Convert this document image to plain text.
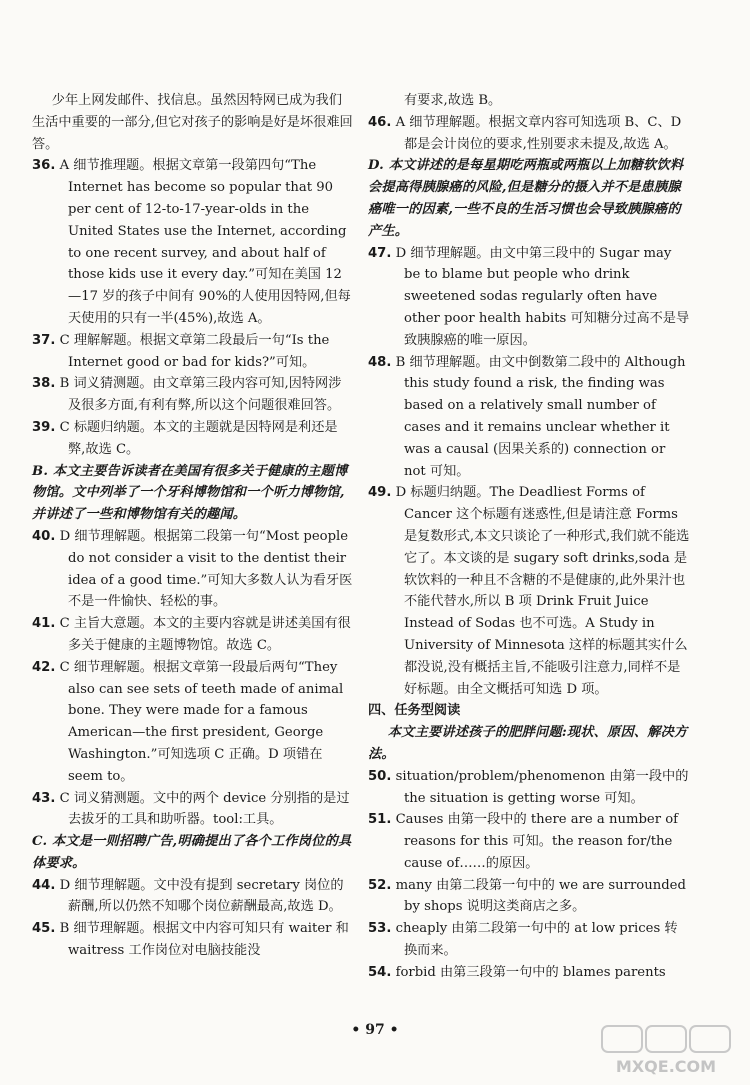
少年上网发邮件、找信息。虽然因特网已成为我们生活中重要的一部分,但它对孩子的影响是好是坏很难回答。

36. A 细节推理题。根据文章第一段第四句“The Internet has become so popular that 90 per cent of 12-to-17-year-olds in the United States use the Internet, according to one recent survey, and about half of those kids use it every day.”可知在美国 12—17 岁的孩子中间有 90%的人使用因特网,但每天使用的只有一半(45%),故选 A。

37. C 理解解题。根据文章第二段最后一句“Is the Internet good or bad for kids?”可知。

38. B 词义猜测题。由文章第三段内容可知,因特网涉及很多方面,有利有弊,所以这个问题很难回答。

39. C 标题归纳题。本文的主题就是因特网是利还是弊,故选 C。

B. 本文主要告诉读者在美国有很多关于健康的主题博物馆。文中列举了一个牙科博物馆和一个听力博物馆,并讲述了一些和博物馆有关的趣闻。

40. D 细节理解题。根据第二段第一句“Most people do not consider a visit to the dentist their idea of a good time.”可知大多数人认为看牙医不是一件愉快、轻松的事。

41. C 主旨大意题。本文的主要内容就是讲述美国有很多关于健康的主题博物馆。故选 C。

42. C 细节理解题。根据文章第一段最后两句“They also can see sets of teeth made of animal bone. They were made for a famous American—the first president, George Washington.”可知选项 C 正确。D 项错在 seem to。

43. C 词义猜测题。文中的两个 device 分别指的是过去拔牙的工具和助听器。tool:工具。

C. 本文是一则招聘广告,明确提出了各个工作岗位的具体要求。

44. D 细节理解题。文中没有提到 secretary 岗位的薪酬,所以仍然不知哪个岗位薪酬最高,故选 D。

45. B 细节理解题。根据文中内容可知只有 waiter 和 waitress 工作岗位对电脑技能没

有要求,故选 B。

46. A 细节理解题。根据文章内容可知选项 B、C、D 都是会计岗位的要求,性别要求未提及,故选 A。

D. 本文讲述的是每星期吃两瓶或两瓶以上加糖软饮料会提高得胰腺癌的风险,但是糖分的摄入并不是患胰腺癌唯一的因素,一些不良的生活习惯也会导致胰腺癌的产生。

47. D 细节理解题。由文中第三段中的 Sugar may be to blame but people who drink sweetened sodas regularly often have other poor health habits 可知糖分过高不是导致胰腺癌的唯一原因。

48. B 细节理解题。由文中倒数第二段中的 Although this study found a risk, the finding was based on a relatively small number of cases and it remains unclear whether it was a causal (因果关系的) connection or not 可知。

49. D 标题归纳题。The Deadliest Forms of Cancer 这个标题有迷惑性,但是请注意 Forms 是复数形式,本文只谈论了一种形式,我们就不能选它了。本文谈的是 sugary soft drinks,soda 是软饮料的一种且不含糖的不是健康的,此外果汁也不能代替水,所以 B 项 Drink Fruit Juice Instead of Sodas 也不可选。A Study in University of Minnesota 这样的标题其实什么都没说,没有概括主旨,不能吸引注意力,同样不是好标题。由全文概括可知选 D 项。

四、任务型阅读

本文主要讲述孩子的肥胖问题:现状、原因、解决方法。

50. situation/problem/phenomenon 由第一段中的 the situation is getting worse 可知。

51. Causes 由第一段中的 there are a number of reasons for this 可知。the reason for/the cause of……的原因。

52. many 由第二段第一句中的 we are surrounded by shops 说明这类商店之多。

53. cheaply 由第二段第一句中的 at low prices 转换而来。

54. forbid 由第三段第一句中的 blames parents

• 97 •
MXQE.COM
